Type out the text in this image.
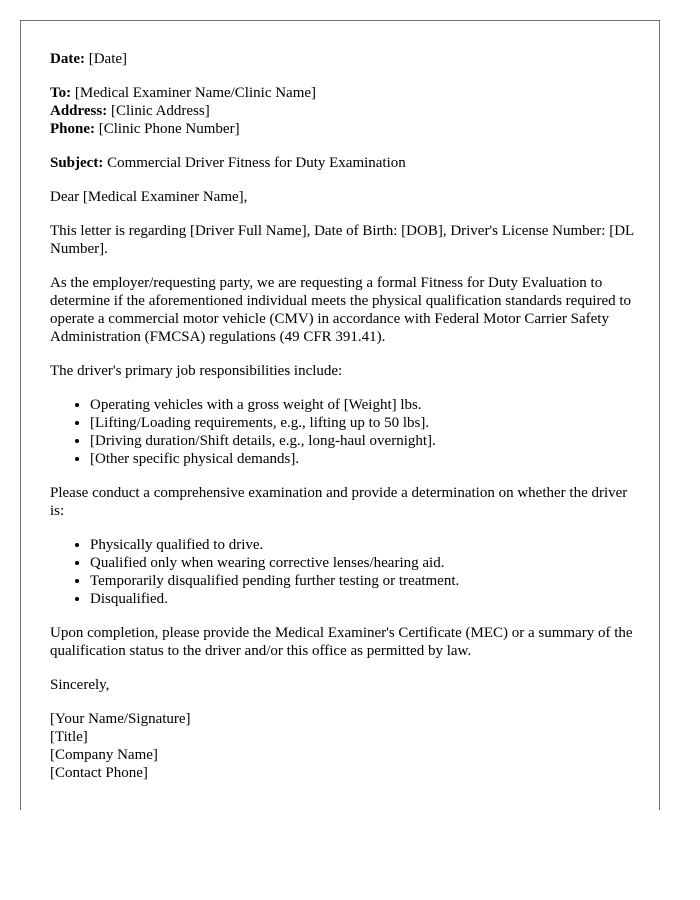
Date: [Date]

To: [Medical Examiner Name/Clinic Name]
Address: [Clinic Address]
Phone: [Clinic Phone Number]

Subject: Commercial Driver Fitness for Duty Examination

Dear [Medical Examiner Name],

This letter is regarding [Driver Full Name], Date of Birth: [DOB], Driver's License Number: [DL Number].

As the employer/requesting party, we are requesting a formal Fitness for Duty Evaluation to determine if the aforementioned individual meets the physical qualification standards required to operate a commercial motor vehicle (CMV) in accordance with Federal Motor Carrier Safety Administration (FMCSA) regulations (49 CFR 391.41).

The driver's primary job responsibilities include:

• Operating vehicles with a gross weight of [Weight] lbs.
• [Lifting/Loading requirements, e.g., lifting up to 50 lbs].
• [Driving duration/Shift details, e.g., long-haul overnight].
• [Other specific physical demands].

Please conduct a comprehensive examination and provide a determination on whether the driver is:

• Physically qualified to drive.
• Qualified only when wearing corrective lenses/hearing aid.
• Temporarily disqualified pending further testing or treatment.
• Disqualified.

Upon completion, please provide the Medical Examiner's Certificate (MEC) or a summary of the qualification status to the driver and/or this office as permitted by law.

Sincerely,

[Your Name/Signature]
[Title]
[Company Name]
[Contact Phone]
